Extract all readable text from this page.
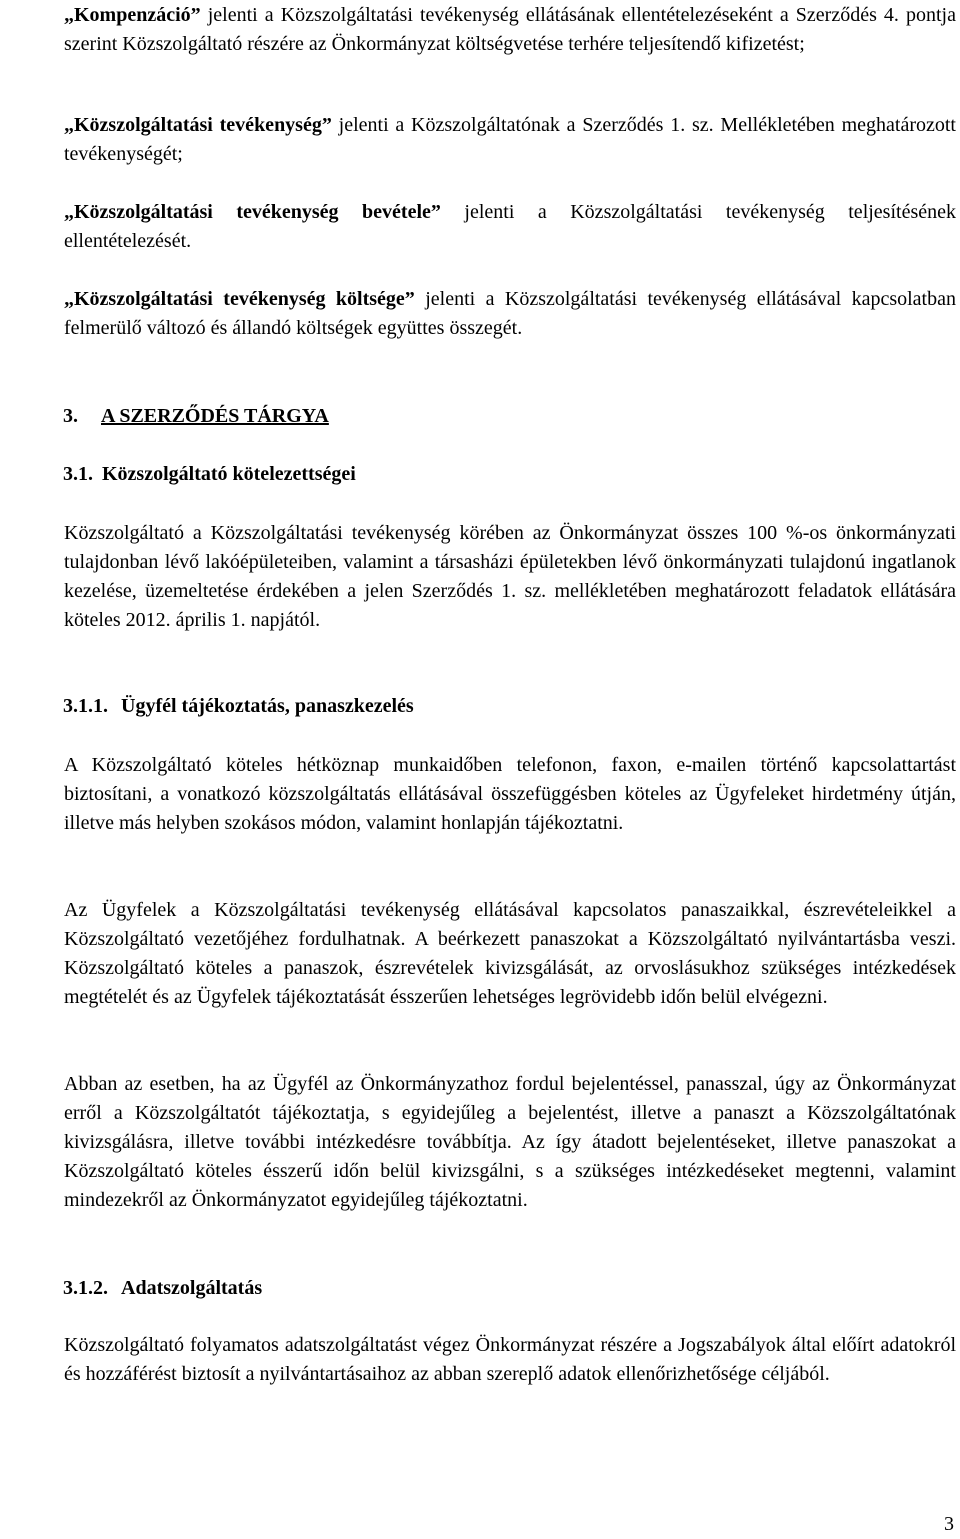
„Kompenzáció” jelenti a Közszolgáltatási tevékenység ellátásának ellentételezéseként a Szerződés 4. pontja szerint Közszolgáltató részére az Önkormányzat költségvetése terhére teljesítendő kifizetést;

„Közszolgáltatási tevékenység” jelenti a Közszolgáltatónak a Szerződés 1. sz. Mellékletében meghatározott tevékenységét;

„Közszolgáltatási tevékenység bevétele” jelenti a Közszolgáltatási tevékenység teljesítésének ellentételezését.

„Közszolgáltatási tevékenység költsége” jelenti a Közszolgáltatási tevékenység ellátásával kapcsolatban felmerülő változó és állandó költségek együttes összegét.

3. A SZERZŐDÉS TÁRGYA
3.1. Közszolgáltató kötelezettségei

Közszolgáltató a Közszolgáltatási tevékenység körében az Önkormányzat összes 100 %-os önkormányzati tulajdonban lévő lakóépületeiben, valamint a társasházi épületekben lévő önkormányzati tulajdonú ingatlanok kezelése, üzemeltetése érdekében a jelen Szerződés 1. sz. mellékletében meghatározott feladatok ellátására köteles 2012. április 1. napjától.

3.1.1. Ügyfél tájékoztatás, panaszkezelés

A Közszolgáltató köteles hétköznap munkaidőben telefonon, faxon, e-mailen történő kapcsolattartást biztosítani, a vonatkozó közszolgáltatás ellátásával összefüggésben köteles az Ügyfeleket hirdetmény útján, illetve más helyben szokásos módon, valamint honlapján tájékoztatni.

Az Ügyfelek a Közszolgáltatási tevékenység ellátásával kapcsolatos panaszaikkal, észrevételeikkel a Közszolgáltató vezetőjéhez fordulhatnak. A beérkezett panaszokat a Közszolgáltató nyilvántartásba veszi. Közszolgáltató köteles a panaszok, észrevételek kivizsgálását, az orvoslásukhoz szükséges intézkedések megtételét és az Ügyfelek tájékoztatását ésszerűen lehetséges legrövidebb időn belül elvégezni.

Abban az esetben, ha az Ügyfél az Önkormányzathoz fordul bejelentéssel, panasszal, úgy az Önkormányzat erről a Közszolgáltatót tájékoztatja, s egyidejűleg a bejelentést, illetve a panaszt a Közszolgáltatónak kivizsgálásra, illetve további intézkedésre továbbítja. Az így átadott bejelentéseket, illetve panaszokat a Közszolgáltató köteles ésszerű időn belül kivizsgálni, s a szükséges intézkedéseket megtenni, valamint mindezekről az Önkormányzatot egyidejűleg tájékoztatni.

3.1.2. Adatszolgáltatás

Közszolgáltató folyamatos adatszolgáltatást végez Önkormányzat részére a Jogszabályok által előírt adatokról és hozzáférést biztosít a nyilvántartásaihoz az abban szereplő adatok ellenőrizhetősége céljából.

3
